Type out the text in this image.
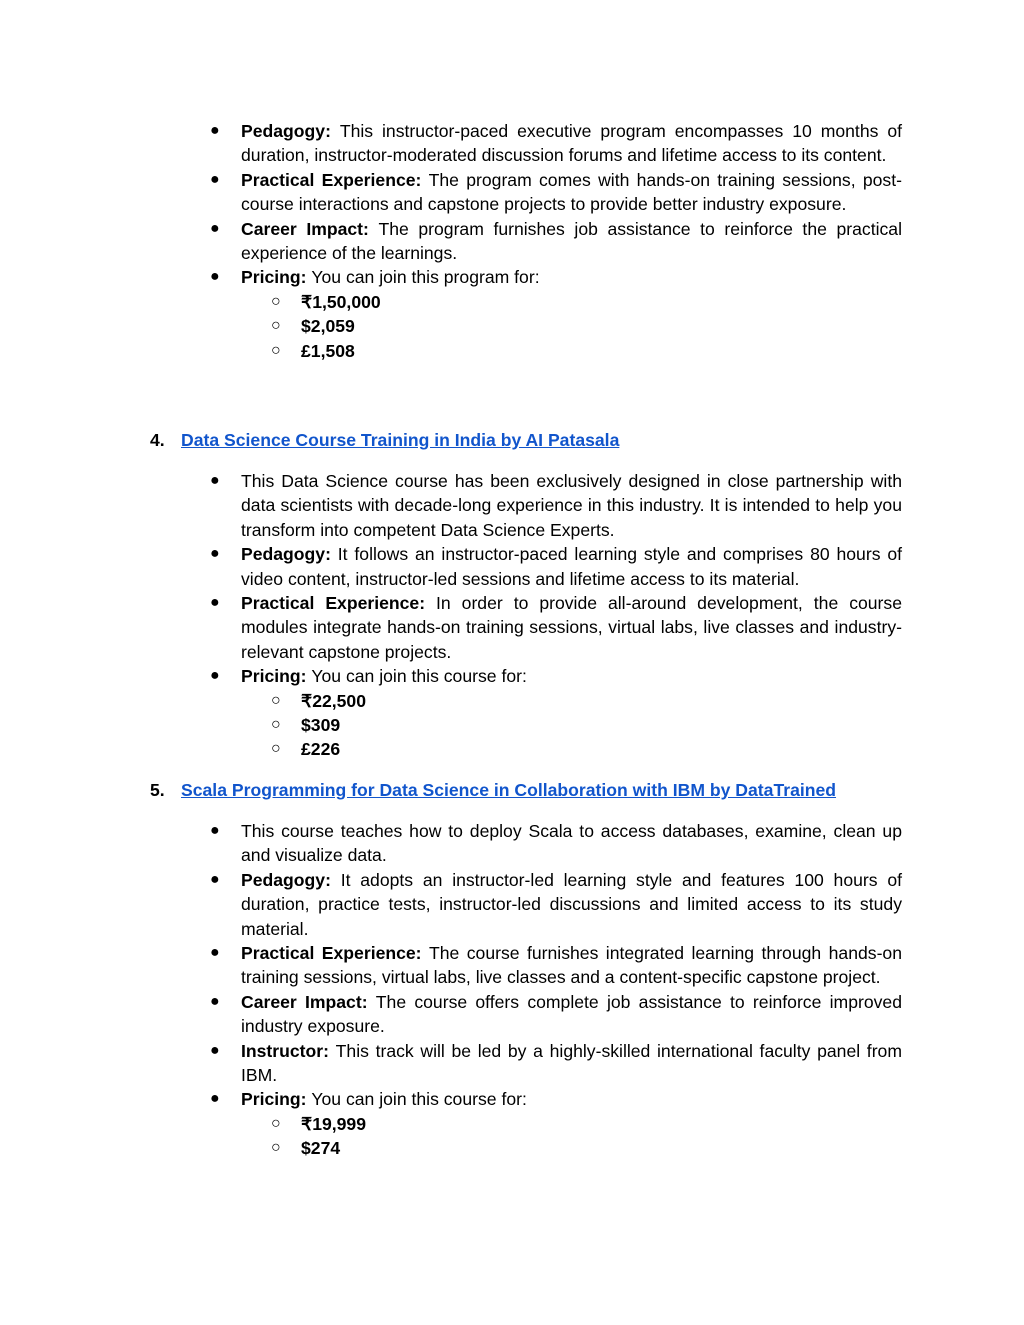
●	Pedagogy: This instructor-paced executive program encompasses 10 months of duration, instructor-moderated discussion forums and lifetime access to its content.
●	Practical Experience: The program comes with hands-on training sessions, post-course interactions and capstone projects to provide better industry exposure.
●	Career Impact: The program furnishes job assistance to reinforce the practical experience of the learnings.
●	Pricing: You can join this program for:
○ ₹1,50,000
○ $2,059
○ £1,508
4. Data Science Course Training in India by AI Patasala
●	This Data Science course has been exclusively designed in close partnership with data scientists with decade-long experience in this industry. It is intended to help you transform into competent Data Science Experts.
●	Pedagogy: It follows an instructor-paced learning style and comprises 80 hours of video content, instructor-led sessions and lifetime access to its material.
●	Practical Experience: In order to provide all-around development, the course modules integrate hands-on training sessions, virtual labs, live classes and industry-relevant capstone projects.
●	Pricing: You can join this course for:
○ ₹22,500
○ $309
○ £226
5. Scala Programming for Data Science in Collaboration with IBM by DataTrained
●	This course teaches how to deploy Scala to access databases, examine, clean up and visualize data.
●	Pedagogy: It adopts an instructor-led learning style and features 100 hours of duration, practice tests, instructor-led discussions and limited access to its study material.
●	Practical Experience: The course furnishes integrated learning through hands-on training sessions, virtual labs, live classes and a content-specific capstone project.
●	Career Impact: The course offers complete job assistance to reinforce improved industry exposure.
●	Instructor: This track will be led by a highly-skilled international faculty panel from IBM.
●	Pricing: You can join this course for:
○ ₹19,999
○ $274
